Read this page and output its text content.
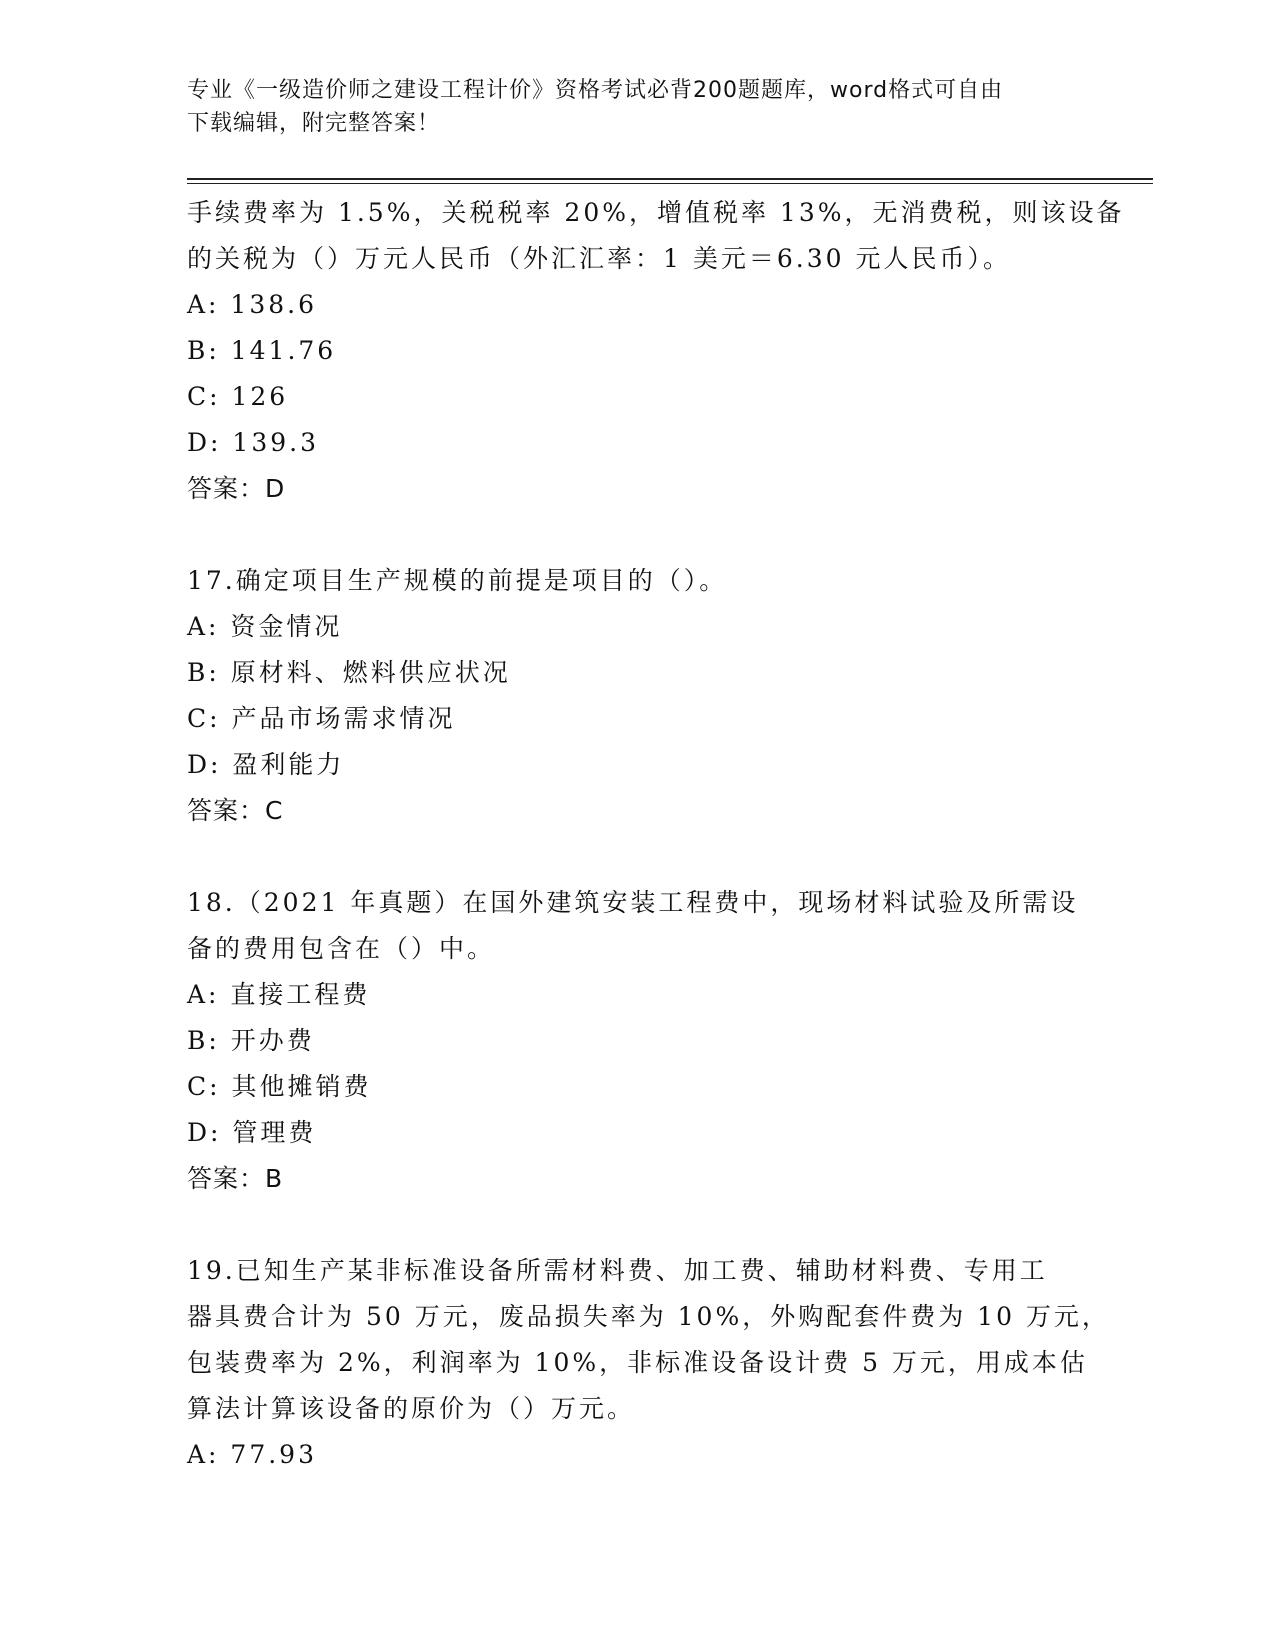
专业《一级造价师之建设工程计价》资格考试必背200题题库，word格式可自由
下载编辑，附完整答案！
手续费率为 1.5%，关税税率 20%，增值税率 13%，无消费税，则该设备
的关税为（）万元人民币（外汇汇率：1 美元＝6.30 元人民币）。
A: 138.6
B: 141.76
C: 126
D: 139.3
答案：D
17.确定项目生产规模的前提是项目的（）。
A: 资金情况
B: 原材料、燃料供应状况
C: 产品市场需求情况
D: 盈利能力
答案：C
18.（2021 年真题）在国外建筑安装工程费中，现场材料试验及所需设
备的费用包含在（）中。
A: 直接工程费
B: 开办费
C: 其他摊销费
D: 管理费
答案：B
19.已知生产某非标准设备所需材料费、加工费、辅助材料费、专用工
器具费合计为 50 万元，废品损失率为 10%，外购配套件费为 10 万元，
包装费率为 2%，利润率为 10%，非标准设备设计费 5 万元，用成本估
算法计算该设备的原价为（）万元。
A: 77.93
